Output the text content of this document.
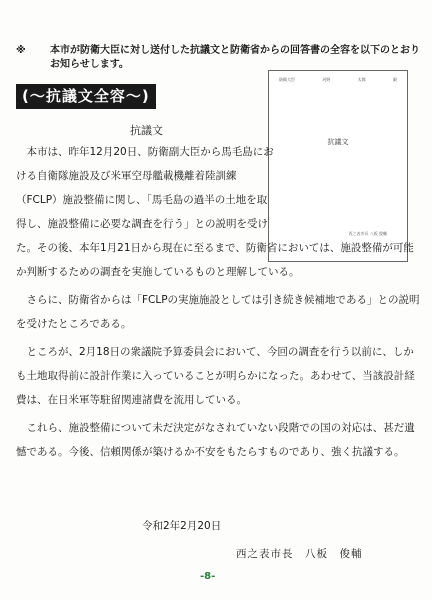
※	本市が防衛大臣に対し送付した抗議文と防衛省からの回答書の全容を以下のとおりお知らせします。
(〜抗議文全容〜)
防衛大臣	河野	太郎	殿
抗議文
西之表市長 八板 俊輔
抗議文

本市は、昨年12月20日、防衛副大臣から馬毛島における自衛隊施設及び米軍空母艦載機離着陸訓練（FCLP）施設整備に関し、「馬毛島の過半の土地を取得し、施設整備に必要な調査を行う」との説明を受けた。その後、本年1月21日から現在に至るまで、防衛省においては、施設整備が可能か判断するための調査を実施しているものと理解している。

さらに、防衛省からは「FCLPの実施施設としては引き続き候補地である」との説明を受けたところである。

ところが、2月18日の衆議院予算委員会において、今回の調査を行う以前に、しかも土地取得前に設計作業に入っていることが明らかになった。あわせて、当該設計経費は、在日米軍等駐留関連諸費を流用している。

これら、施設整備について未だ決定がなされていない段階での国の対応は、甚だ遺憾である。今後、信頼関係が築けるか不安をもたらすものであり、強く抗議する。

令和2年2月20日
西之表市長　八板　俊輔
-8-
